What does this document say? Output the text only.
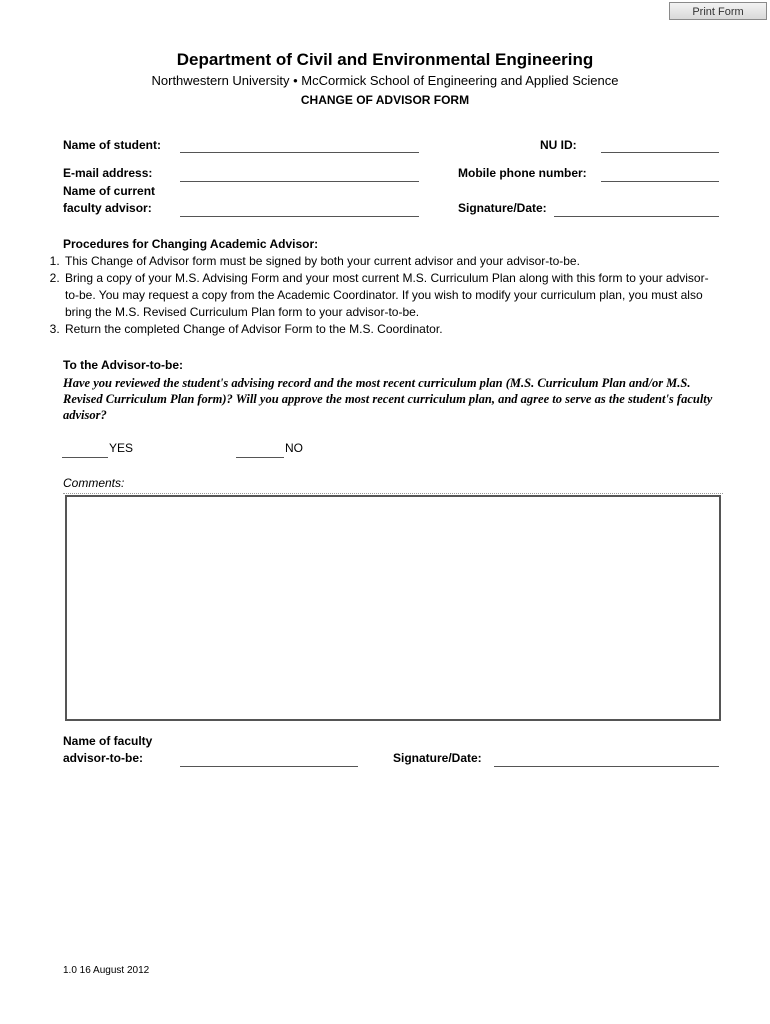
Print Form
Department of Civil and Environmental Engineering
Northwestern University • McCormick School of Engineering and Applied Science
CHANGE OF ADVISOR FORM
Name of student:	NU ID:
E-mail address:	Mobile phone number:
Name of current
faculty advisor:	Signature/Date:
Procedures for Changing Academic Advisor:
1. This Change of Advisor form must be signed by both your current advisor and your advisor-to-be.
2. Bring a copy of your M.S. Advising Form and your most current M.S. Curriculum Plan along with this form to your advisor-to-be. You may request a copy from the Academic Coordinator. If you wish to modify your curriculum plan, you must also bring the M.S. Revised Curriculum Plan form to your advisor-to-be.
3. Return the completed Change of Advisor Form to the M.S. Coordinator.
To the Advisor-to-be:
Have you reviewed the student's advising record and the most recent curriculum plan (M.S. Curriculum Plan and/or M.S. Revised Curriculum Plan form)? Will you approve the most recent curriculum plan, and agree to serve as the student's faculty advisor?
YES	NO
Comments:
Name of faculty
advisor-to-be:	Signature/Date:
1.0 16 August 2012
